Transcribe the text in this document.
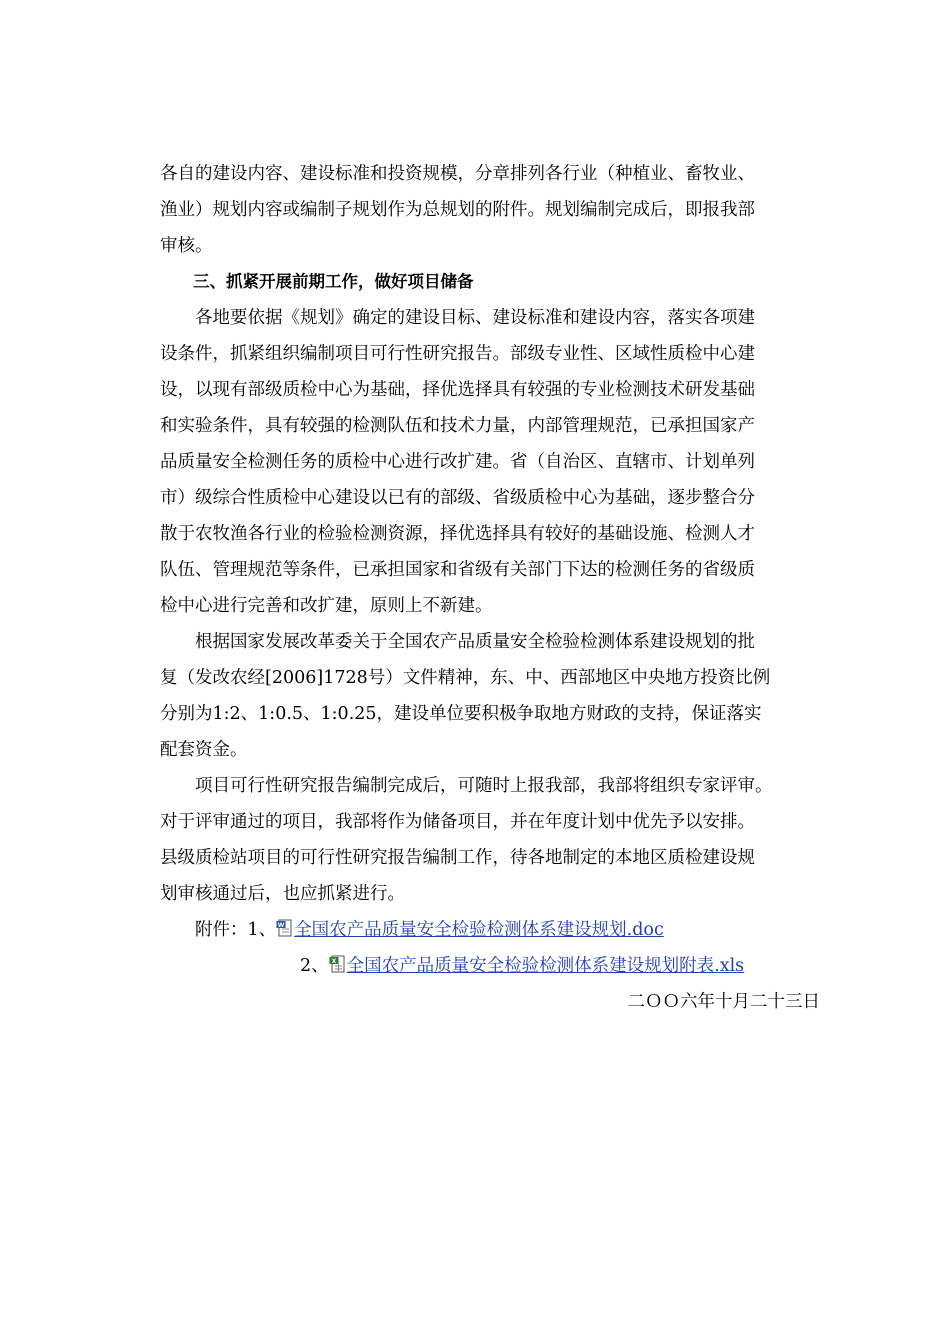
各自的建设内容、建设标准和投资规模，分章排列各行业（种植业、畜牧业、
渔业）规划内容或编制子规划作为总规划的附件。规划编制完成后，即报我部
审核。

三、抓紧开展前期工作，做好项目储备

各地要依据《规划》确定的建设目标、建设标准和建设内容，落实各项建
设条件，抓紧组织编制项目可行性研究报告。部级专业性、区域性质检中心建
设，以现有部级质检中心为基础，择优选择具有较强的专业检测技术研发基础
和实验条件，具有较强的检测队伍和技术力量，内部管理规范，已承担国家产
品质量安全检测任务的质检中心进行改扩建。省（自治区、直辖市、计划单列
市）级综合性质检中心建设以已有的部级、省级质检中心为基础，逐步整合分
散于农牧渔各行业的检验检测资源，择优选择具有较好的基础设施、检测人才
队伍、管理规范等条件，已承担国家和省级有关部门下达的检测任务的省级质
检中心进行完善和改扩建，原则上不新建。

根据国家发展改革委关于全国农产品质量安全检验检测体系建设规划的批
复（发改农经[2006]1728号）文件精神，东、中、西部地区中央地方投资比例
分别为1:2、1:0.5、1:0.25，建设单位要积极争取地方财政的支持，保证落实
配套资金。

项目可行性研究报告编制完成后，可随时上报我部，我部将组织专家评审。
对于评审通过的项目，我部将作为储备项目，并在年度计划中优先予以安排。
县级质检站项目的可行性研究报告编制工作，待各地制定的本地区质检建设规
划审核通过后，也应抓紧进行。

附件：1、 W 全国农产品质量安全检验检测体系建设规划.doc
2、 X 全国农产品质量安全检验检测体系建设规划附表.xls
二ＯＯ六年十月二十三日
